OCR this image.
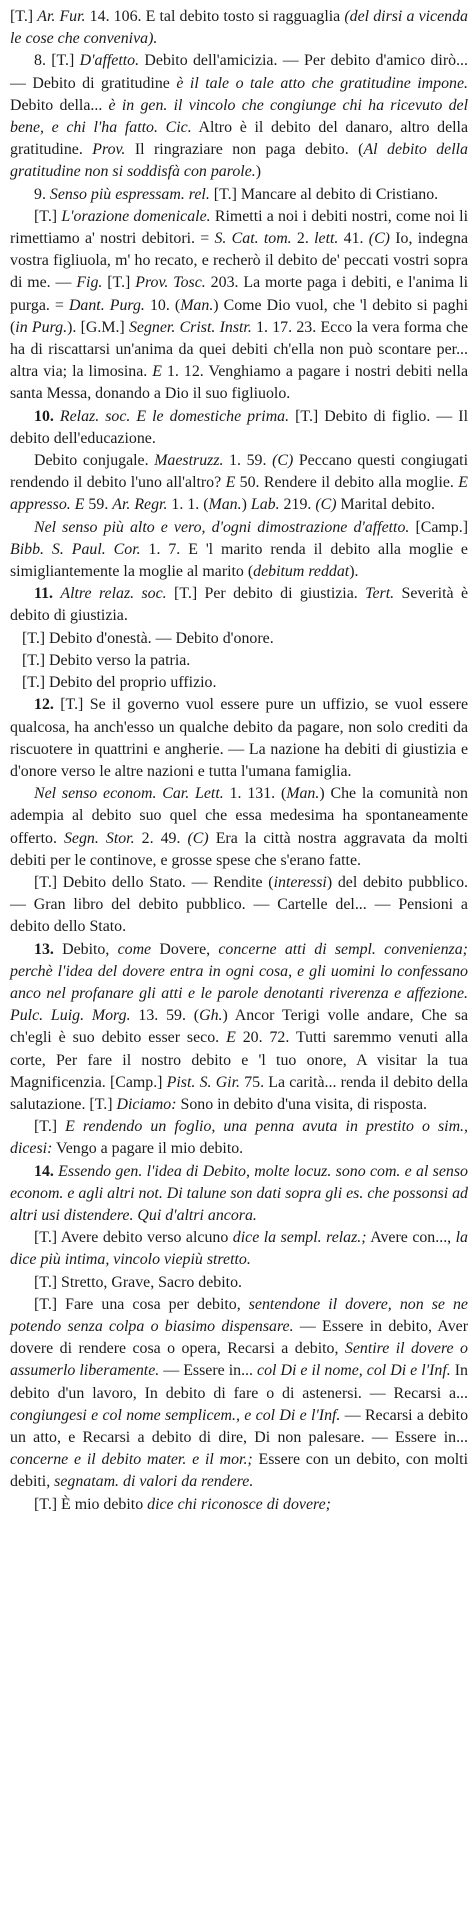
[T.] Ar. Fur. 14. 106. E tal debito tosto si ragguaglia (del dirsi a vicenda le cose che conveniva).

8. [T.] D'affetto. Debito dell'amicizia. — Per debito d'amico dirò... — Debito di gratitudine è il tale o tale atto che gratitudine impone. Debito della... è in gen. il vincolo che congiunge chi ha ricevuto del bene, e chi l'ha fatto. Cic. Altro è il debito del danaro, altro della gratitudine. Prov. Il ringraziare non paga debito. (Al debito della gratitudine non si soddisfà con parole.)

9. Senso più espressam. rel. [T.] Mancare al debito di Cristiano.

[T.] L'orazione domenicale. Rimetti a noi i debiti nostri, come noi li rimettiamo a' nostri debitori. = S. Cat. tom. 2. lett. 41. (C) Io, indegna vostra figliuola, m' ho recato, e recherò il debito de' peccati vostri sopra di me. — Fig. [T.] Prov. Tosc. 203. La morte paga i debiti, e l'anima li purga. = Dant. Purg. 10. (Man.) Come Dio vuol, che 'l debito si paghi (in Purg.). [G.M.] Segner. Crist. Instr. 1. 17. 23. Ecco la vera forma che ha di riscattarsi un'anima da quei debiti ch'ella non può scontare per... altra via; la limosina. E 1. 12. Venghiamo a pagare i nostri debiti nella santa Messa, donando a Dio il suo figliuolo.

10. Relaz. soc. E le domestiche prima. [T.] Debito di figlio. — Il debito dell'educazione.

Debito conjugale. Maestruzz. 1. 59. (C) Peccano questi congiugati rendendo il debito l'uno all'altro? E 50. Rendere il debito alla moglie. E appresso. E 59. Ar. Regr. 1. 1. (Man.) Lab. 219. (C) Marital debito.

Nel senso più alto e vero, d'ogni dimostrazione d'affetto. [Camp.] Bibb. S. Paul. Cor. 1. 7. E 'l marito renda il debito alla moglie e simigliantemente la moglie al marito (debitum reddat).

11. Altre relaz. soc. [T.] Per debito di giustizia. Tert. Severità è debito di giustizia.

[T.] Debito d'onestà. — Debito d'onore.

[T.] Debito verso la patria.

[T.] Debito del proprio uffizio.

12. [T.] Se il governo vuol essere pure un uffizio, se vuol essere qualcosa, ha anch'esso un qualche debito da pagare, non solo crediti da riscuotere in quattrini e angherie. — La nazione ha debiti di giustizia e d'onore verso le altre nazioni e tutta l'umana famiglia.

Nel senso econom. Car. Lett. 1. 131. (Man.) Che la comunità non adempia al debito suo quel che essa medesima ha spontaneamente offerto. Segn. Stor. 2. 49. (C) Era la città nostra aggravata da molti debiti per le continove, e grosse spese che s'erano fatte.

[T.] Debito dello Stato. — Rendite (interessi) del debito pubblico. — Gran libro del debito pubblico. — Cartelle del... — Pensioni a debito dello Stato.

13. Debito, come Dovere, concerne atti di sempl. convenienza; perchè l'idea del dovere entra in ogni cosa, e gli uomini lo confessano anco nel profanare gli atti e le parole denotanti riverenza e affezione. Pulc. Luig. Morg. 13. 59. (Gh.) Ancor Terigi volle andare, Che sa ch'egli è suo debito esser seco. E 20. 72. Tutti saremmo venuti alla corte, Per fare il nostro debito e 'l tuo onore, A visitar la tua Magnificenzia. [Camp.] Pist. S. Gir. 75. La carità... renda il debito della salutazione. [T.] Diciamo: Sono in debito d'una visita, di risposta.

[T.] E rendendo un foglio, una penna avuta in prestito o sim., dicesi: Vengo a pagare il mio debito.

14. Essendo gen. l'idea di Debito, molte locuz. sono com. e al senso econom. e agli altri not. Di talune son dati sopra gli es. che possonsi ad altri usi distendere. Qui d'altri ancora.

[T.] Avere debito verso alcuno dice la sempl. relaz.; Avere con..., la dice più intima, vincolo viepiù stretto.

[T.] Stretto, Grave, Sacro debito.

[T.] Fare una cosa per debito, sentendone il dovere, non se ne potendo senza colpa o biasimo dispensare. — Essere in debito, Aver dovere di rendere cosa o opera, Recarsi a debito, Sentire il dovere o assumerlo liberamente. — Essere in... col Di e il nome, col Di e l'Inf. In debito d'un lavoro, In debito di fare o di astenersi. — Recarsi a... congiungesi e col nome semplicem., e col Di e l'Inf. — Recarsi a debito un atto, e Recarsi a debito di dire, Di non palesare. — Essere in... concerne e il debito mater. e il mor.; Essere con un debito, con molti debiti, segnatam. di valori da rendere.

[T.] È mio debito dice chi riconosce di dovere;
